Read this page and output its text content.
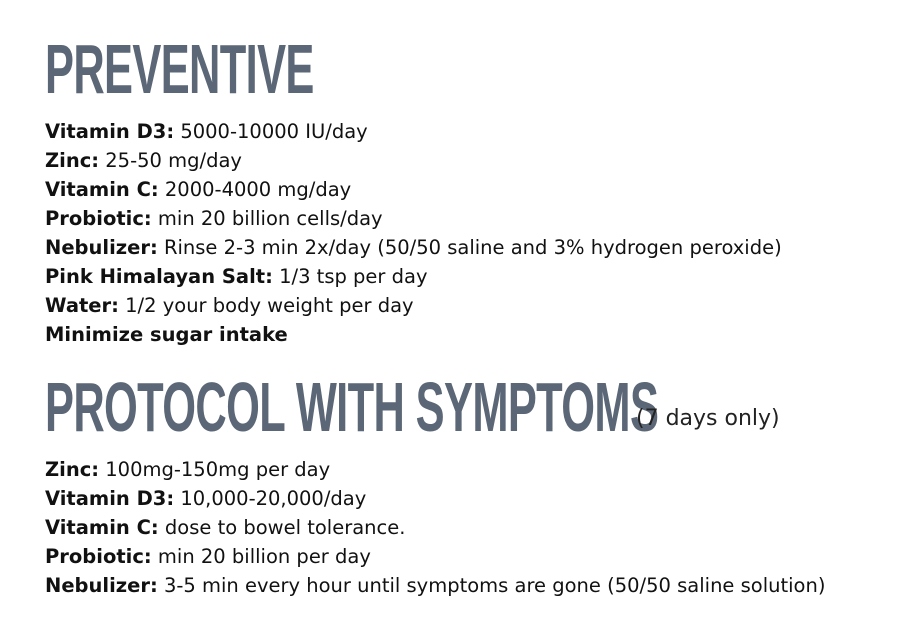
PREVENTIVE
Vitamin D3: 5000-10000 IU/day
Zinc: 25-50 mg/day
Vitamin C: 2000-4000 mg/day
Probiotic: min 20 billion cells/day
Nebulizer: Rinse 2-3 min 2x/day (50/50 saline and 3% hydrogen peroxide)
Pink Himalayan Salt: 1/3 tsp per day
Water: 1/2 your body weight per day
Minimize sugar intake
PROTOCOL WITH SYMPTOMS
(7 days only)
Zinc: 100mg-150mg per day
Vitamin D3: 10,000-20,000/day
Vitamin C: dose to bowel tolerance.
Probiotic: min 20 billion per day
Nebulizer: 3-5 min every hour until symptoms are gone (50/50 saline solution)
